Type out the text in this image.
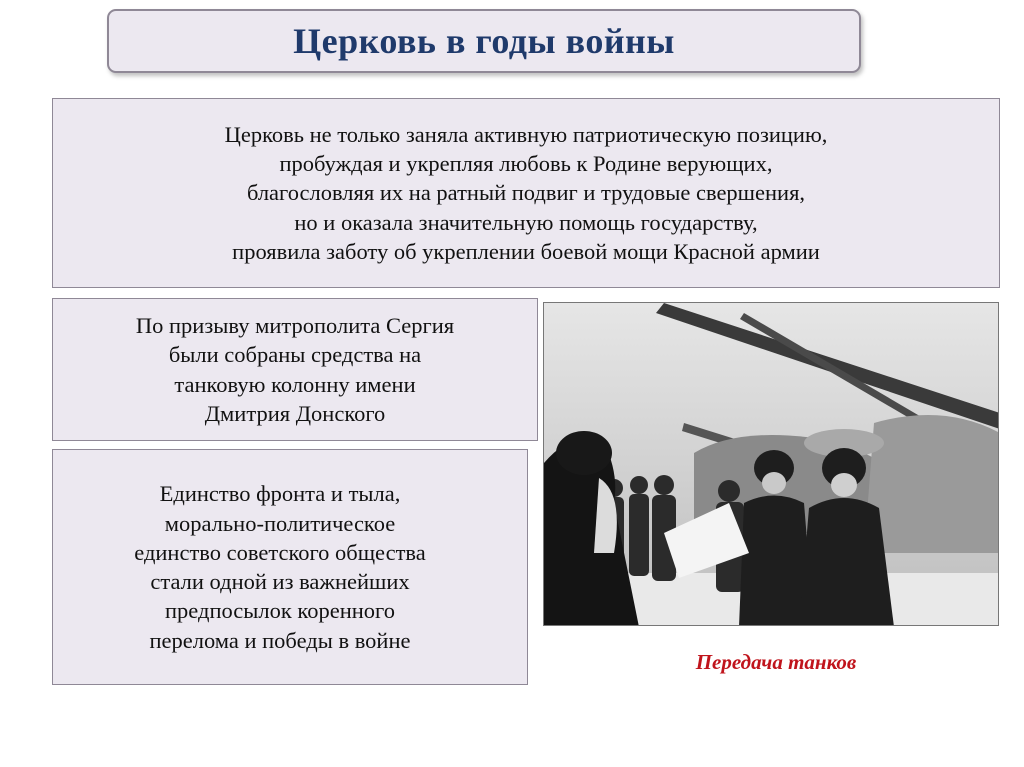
Церковь в годы войны
Церковь не только заняла активную патриотическую позицию,
пробуждая и укрепляя любовь к Родине верующих,
благословляя их на ратный подвиг и трудовые свершения,
но и оказала значительную помощь государству,
проявила заботу об укреплении боевой мощи Красной армии
По призыву митрополита Сергия
были собраны средства на
танковую колонну имени
Дмитрия Донского
Единство фронта и тыла,
морально-политическое
единство советского общества
стали одной из важнейших
предпосылок коренного
перелома и победы в войне
Передача танков
